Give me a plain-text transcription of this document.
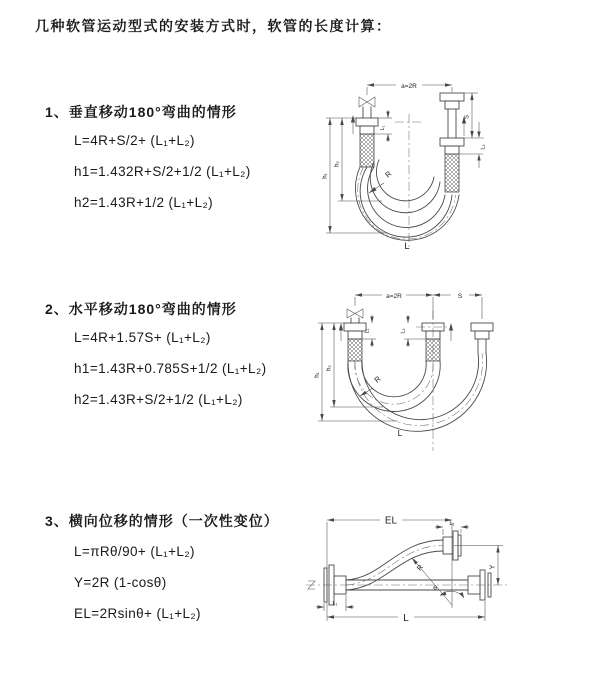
几种软管运动型式的安装方式时，软管的长度计算：
1、垂直移动180°弯曲的情形
L=4R+S/2+ (L₁+L₂)
h1=1.432R+S/2+1/2 (L₁+L₂)
h2=1.43R+1/2 (L₁+L₂)
2、水平移动180°弯曲的情形
L=4R+1.57S+ (L₁+L₂)
h1=1.43R+0.785S+1/2 (L₁+L₂)
h2=1.43R+S/2+1/2 (L₁+L₂)
3、横向位移的情形（一次性变位）
L=πRθ/90+ (L₁+L₂)
Y=2R (1-cosθ)
EL=2Rsinθ+ (L₁+L₂)
a=2R
L₁
S
L₂
R
h₁
h₂
L
a=2R	S
L₁	L₂
R
h₁
h₂
L
EL	L₁
Y
R
θ
L
L₁
